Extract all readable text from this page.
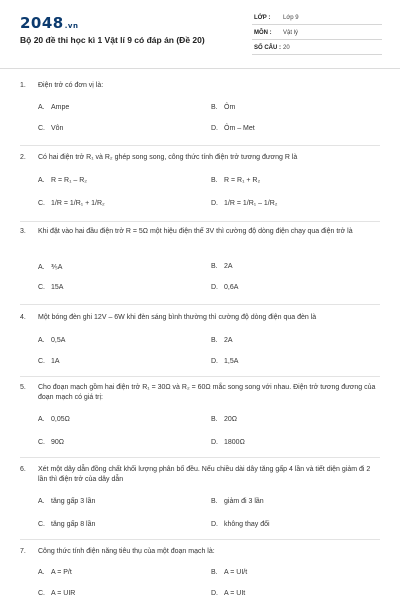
2048.vn
Bộ 20 đề thi học kì 1 Vật lí 9 có đáp án (Đề 20)
LỚP : Lớp 9
MÔN : Vật lý
SỐ CÂU : 20
1. Điện trở có đơn vị là:
A. Ampe	B. Ôm
C. Vôn	D. Ôm – Met
2. Có hai điện trở R₁ và R₂ ghép song song, công thức tính điện trở tương đương R là
A. R = R₁ – R₂	B. R = R₁ + R₂
C. 1/R = 1/R₁ + 1/R₂	D. 1/R = 1/R₁ – 1/R₂
3. Khi đặt vào hai đầu điện trở R = 5Ω một hiệu điện thế 3V thì cường độ dòng điện chạy qua điện trở là
A. ⅗A	B. 2A
C. 15A	D. 0,6A
4. Một bóng đèn ghi 12V – 6W khi đèn sáng bình thường thì cường độ dòng điện qua đèn là
A. 0,5A	B. 2A
C. 1A	D. 1,5A
5. Cho đoạn mạch gồm hai điện trở R₁ = 30Ω và R₂ = 60Ω mắc song song với nhau. Điện trở tương đương của đoạn mạch có giá trị:
A. 0,05Ω	B. 20Ω
C. 90Ω	D. 1800Ω
6. Xét một dây dẫn đồng chất khối lượng phân bố đều. Nếu chiều dài dây tăng gấp 4 lần và tiết diện giảm đi 2 lần thì điện trở của dây dẫn
A. tăng gấp 3 lần	B. giảm đi 3 lần
C. tăng gấp 8 lần	D. không thay đổi
7. Công thức tính điện năng tiêu thụ của một đoạn mạch là:
A. A = P/t	B. A = UI/t
C. A = UIR	D. A = UIt
